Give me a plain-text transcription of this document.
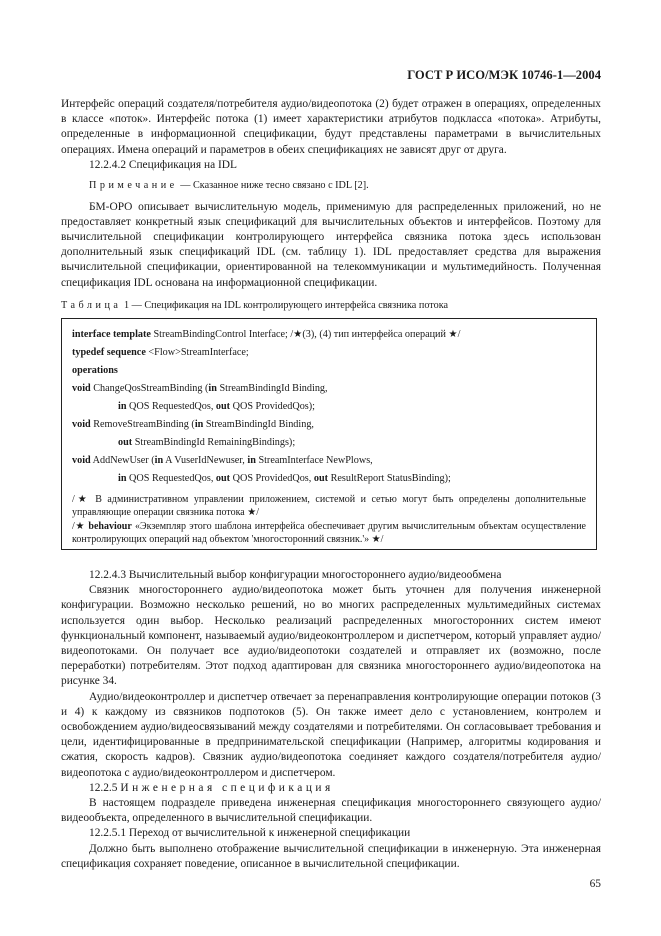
ГОСТ Р ИСО/МЭК 10746-1—2004

Интерфейс операций создателя/потребителя аудио/видеопотока (2) будет отражен в операциях, определенных в классе «поток». Интерфейс потока (1) имеет характеристики атрибутов подкласса «потока». Атрибуты, определенные в информационной спецификации, будут представлены параметрами в вычислительных операциях. Имена операций и параметров в обеих спецификациях не зависят друг от друга.

12.2.4.2 Спецификация на IDL

Примечание — Сказанное ниже тесно связано с IDL [2].

БМ-ОРО описывает вычислительную модель, применимую для распределенных приложений, но не предоставляет конкретный язык спецификаций для вычислительных объектов и интерфейсов. Поэтому для вычислительной спецификации контролирующего интерфейса связника потока здесь использован дополнительный язык спецификаций IDL (см. таблицу 1). IDL предоставляет средства для выражения вычислительной спецификации, ориентированной на телекоммуникации и мультимедийность. Полученная спецификация IDL основана на информационной спецификации.

Таблица 1 — Спецификация на IDL контролирующего интерфейса связника потока

interface template StreamBindingControl Interface; /★(3), (4) тип интерфейса операций ★/

typedef sequence <Flow>StreamInterface;

operations

void ChangeQosStreamBinding (in StreamBindingId Binding,

in QOS RequestedQos, out QOS ProvidedQos);

void RemoveStreamBinding (in StreamBindingId Binding,

out StreamBindingId RemainingBindings);

void AddNewUser (in A VuserIdNewuser, in StreamInterface NewPlows,

in QOS RequestedQos, out QOS ProvidedQos, out ResultReport StatusBinding);

/★ В административном управлении приложением, системой и сетью могут быть определены дополнительные управляющие операции связника потока ★/

/★ behaviour «Экземпляр этого шаблона интерфейса обеспечивает другим вычислительным объектам осуществление контролирующих операций над объектом 'многосторонний связник.'» ★/

12.2.4.3 Вычислительный выбор конфигурации многостороннего аудио/видеообмена

Связник многостороннего аудио/видеопотока может быть уточнен для получения инженерной конфигурации. Возможно несколько решений, но во многих распределенных мультимедийных системах используется один выбор. Несколько реализаций распределенных многосторонних систем имеют функциональный компонент, называемый аудио/видеоконтроллером и диспетчером, который управляет аудио/видеопотоками. Он получает все аудио/видеопотоки создателей и отправляет их (возможно, после переработки) потребителям. Этот подход адаптирован для связника многостороннего аудио/видеопотока на рисунке 34.

Аудио/видеоконтроллер и диспетчер отвечает за перенаправления контролирующие операции потоков (3 и 4) к каждому из связников подпотоков (5). Он также имеет дело с установлением, контролем и освобождением аудио/видеосвязываний между создателями и потребителями. Он согласовывает требования и цели, идентифицированные в предпринимательской спецификации (Например, алгоритмы кодирования и сжатия, скорость кадров). Связник аудио/видеопотока соединяет каждого создателя/потребителя аудио/видеопотока с аудио/видеоконтроллером и диспетчером.

12.2.5 Инженерная спецификация

В настоящем подразделе приведена инженерная спецификация многостороннего связующего аудио/видеообъекта, определенного в вычислительной спецификации.

12.2.5.1 Переход от вычислительной к инженерной спецификации

Должно быть выполнено отображение вычислительной спецификации в инженерную. Эта инженерная спецификация сохраняет поведение, описанное в вычислительной спецификации.

65
